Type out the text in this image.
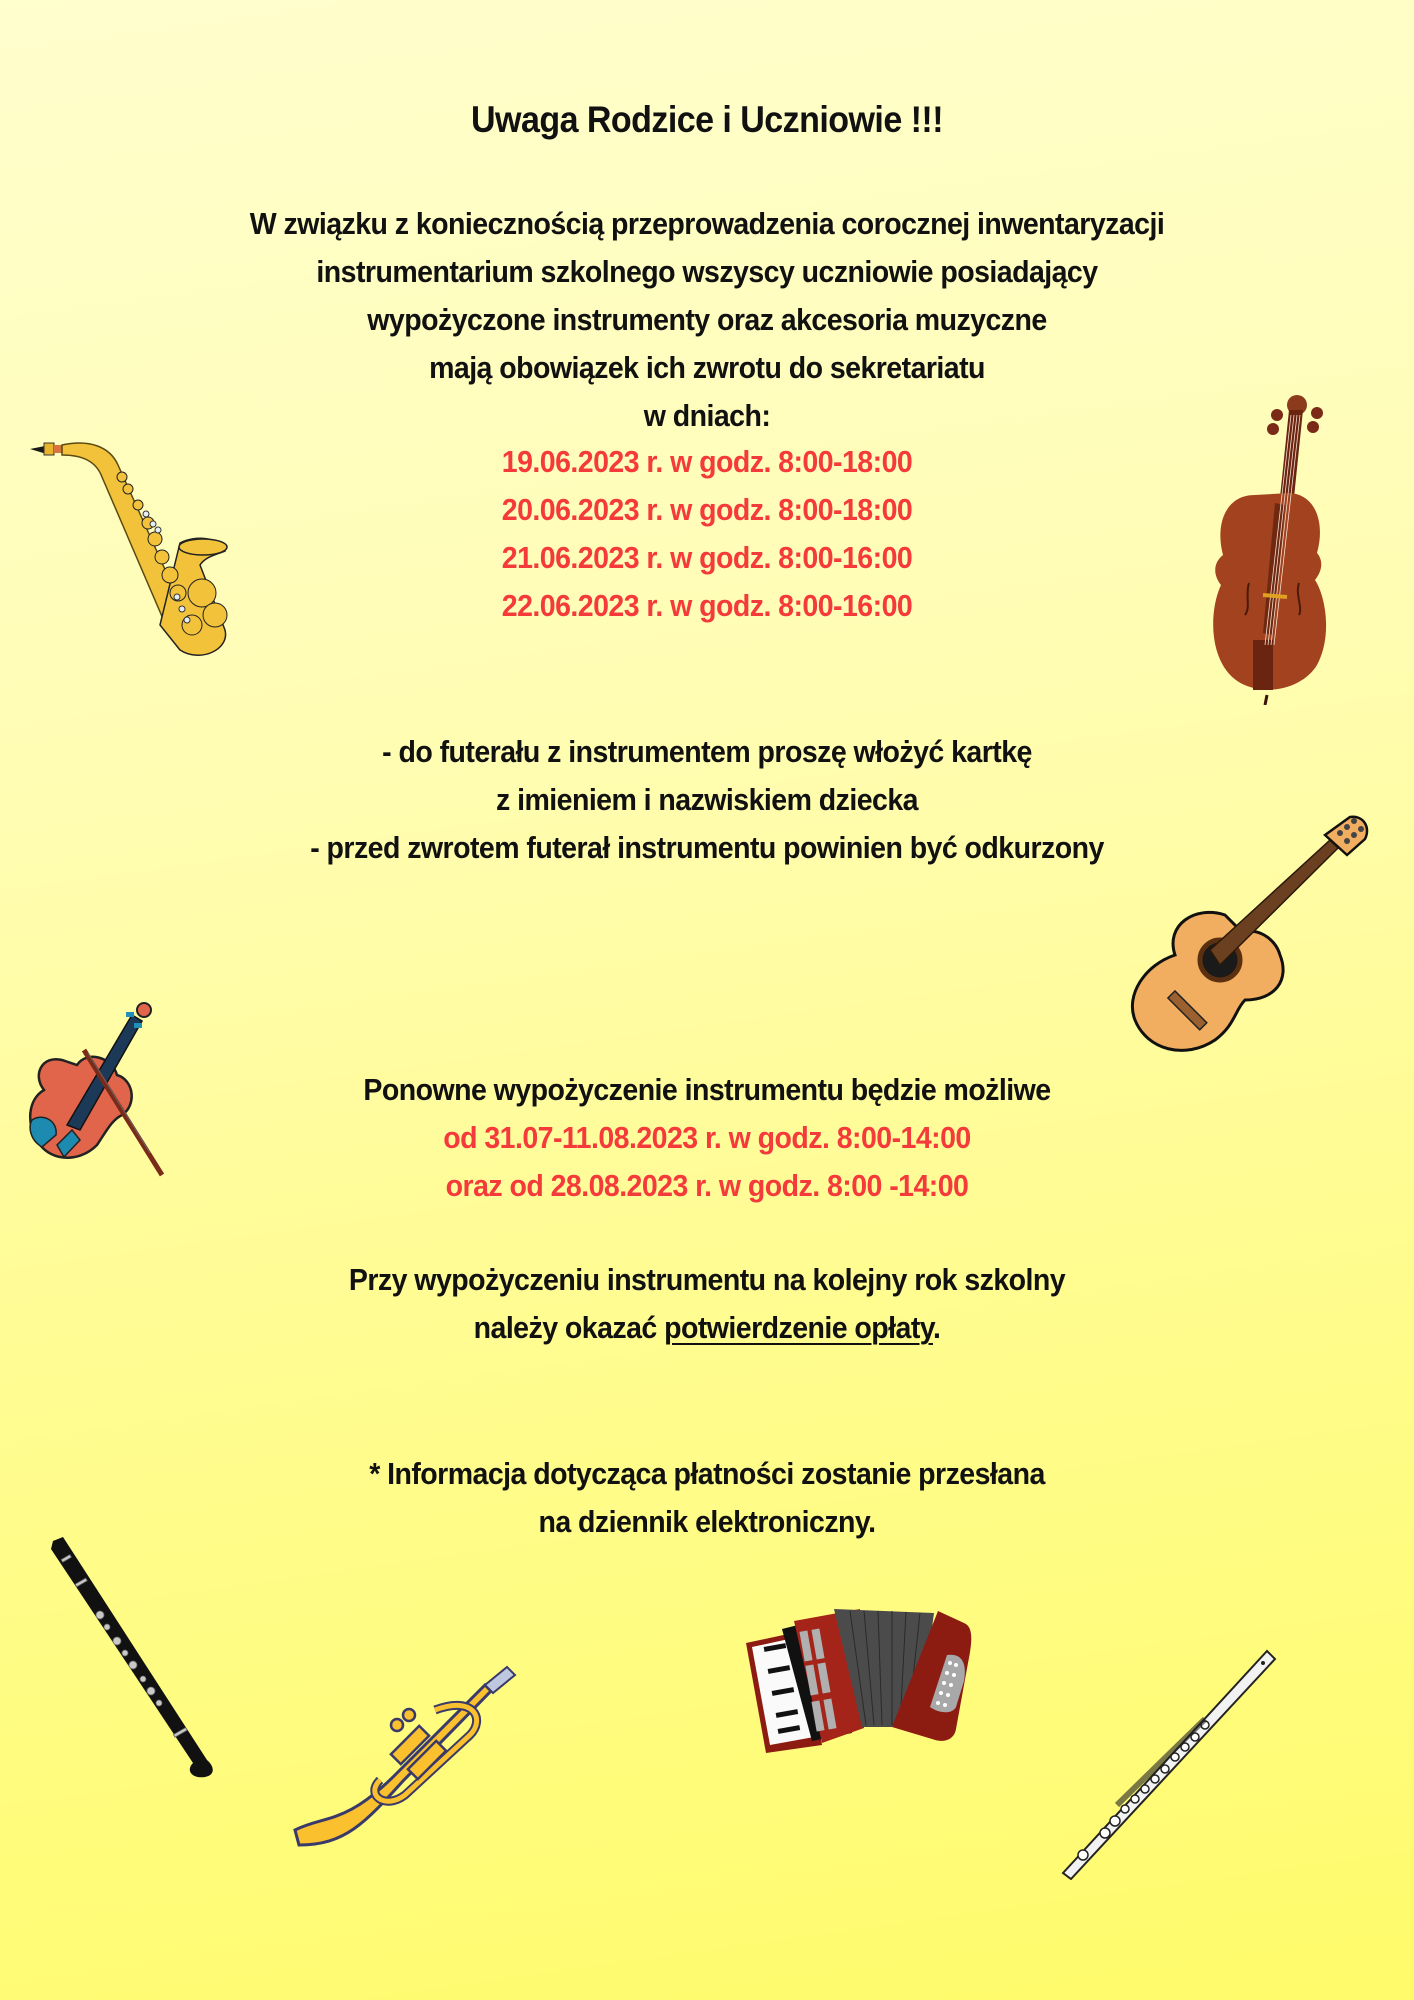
Uwaga Rodzice i Uczniowie !!!
W związku z koniecznością przeprowadzenia corocznej inwentaryzacji
instrumentarium szkolnego wszyscy uczniowie posiadający
wypożyczone instrumenty oraz akcesoria muzyczne
mają obowiązek ich zwrotu do sekretariatu
w dniach:
19.06.2023 r. w godz. 8:00-18:00
20.06.2023 r. w godz. 8:00-18:00
21.06.2023 r. w godz. 8:00-16:00
22.06.2023 r. w godz. 8:00-16:00
- do futerału z instrumentem proszę włożyć kartkę
z imieniem i nazwiskiem dziecka
- przed zwrotem futerał instrumentu powinien być odkurzony
Ponowne wypożyczenie instrumentu będzie możliwe
od 31.07-11.08.2023 r. w godz. 8:00-14:00
oraz od 28.08.2023 r. w godz. 8:00 -14:00
Przy wypożyczeniu instrumentu na kolejny rok szkolny
należy okazać potwierdzenie opłaty.
* Informacja dotycząca płatności zostanie przesłana
na dziennik elektroniczny.
